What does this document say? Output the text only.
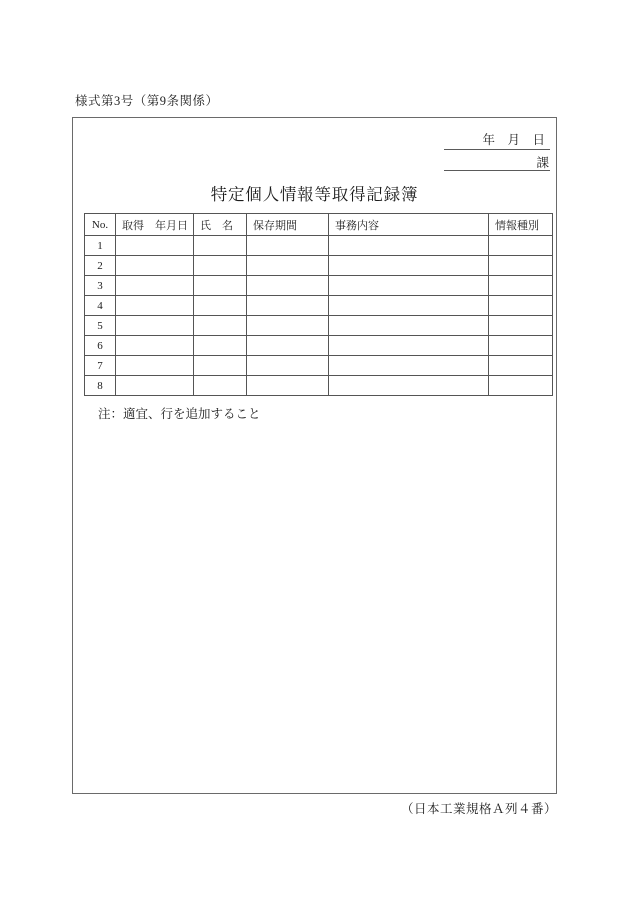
様式第3号（第9条関係）
年　月　日
課
特定個人情報等取得記録簿
No.	取得　年月日	氏　名	保存期間	事務内容	情報種別
1					
2					
3					
4					
5					
6					
7					
8					
注：適宜、行を追加すること
（日本工業規格Ａ列４番）
